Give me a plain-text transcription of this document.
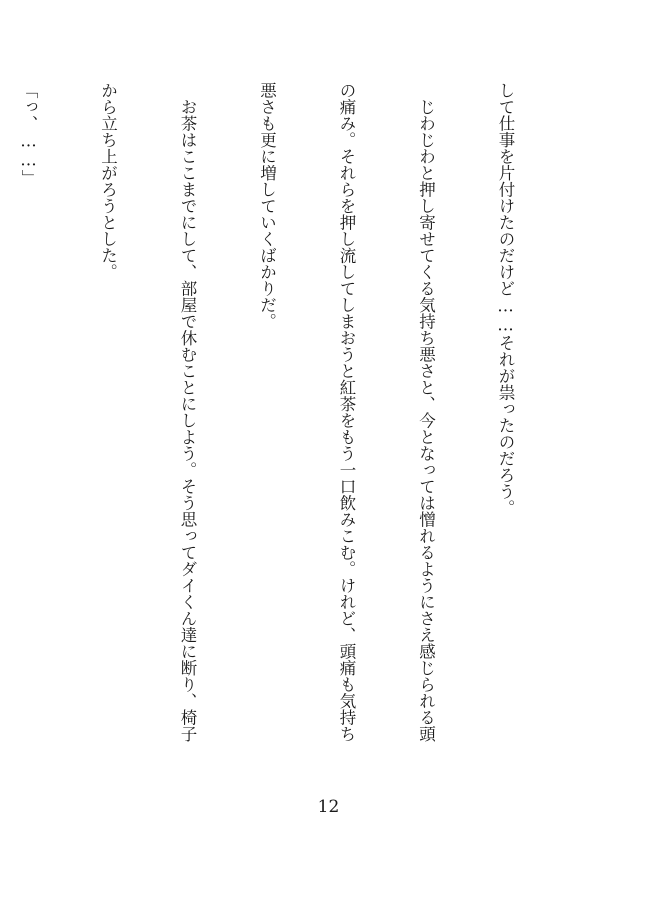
して仕事を片付けたのだけど……それが祟ったのだろう。

　じわじわと押し寄せてくる気持ち悪さと、今となっては憎れるようにさえ感じられる頭

の痛み。それらを押し流してしまおうと紅茶をもう一口飲みこむ。けれど、頭痛も気持ち

悪さも更に増していくばかりだ。

　お茶はここまでにして、部屋で休むことにしよう。そう思ってダイくん達に断り、椅子

から立ち上がろうとした。

「っ、……」

12
